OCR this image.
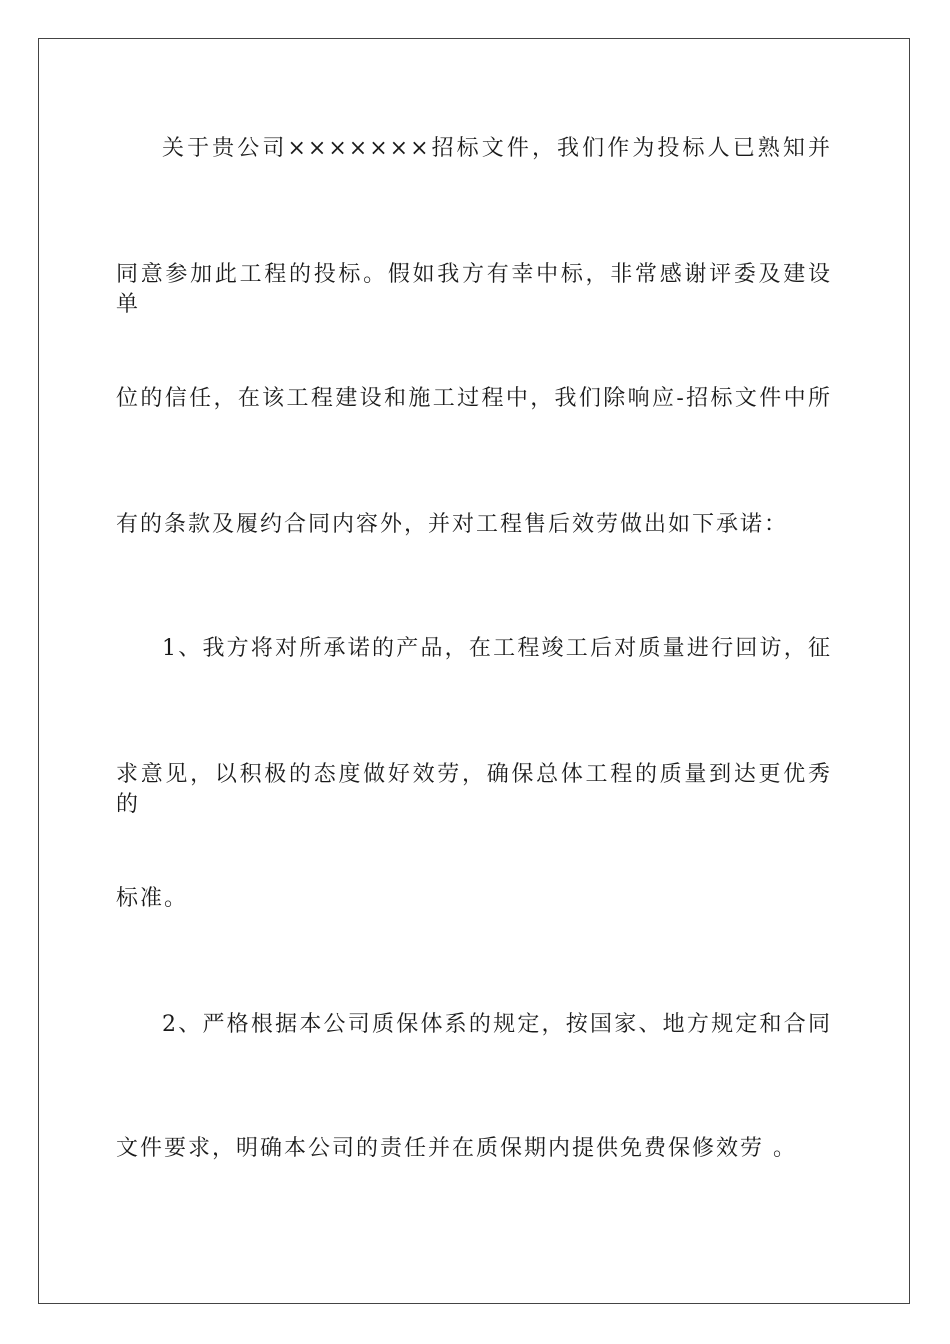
关于贵公司×××××××招标文件，我们作为投标人已熟知并
同意参加此工程的投标。假如我方有幸中标，非常感谢评委及建设单
位的信任，在该工程建设和施工过程中，我们除响应-招标文件中所
有的条款及履约合同内容外，并对工程售后效劳做出如下承诺：
1、我方将对所承诺的产品，在工程竣工后对质量进行回访，征
求意见，以积极的态度做好效劳，确保总体工程的质量到达更优秀的
标准。
2、严格根据本公司质保体系的规定，按国家、地方规定和合同
文件要求，明确本公司的责任并在质保期内提供免费保修效劳 。
